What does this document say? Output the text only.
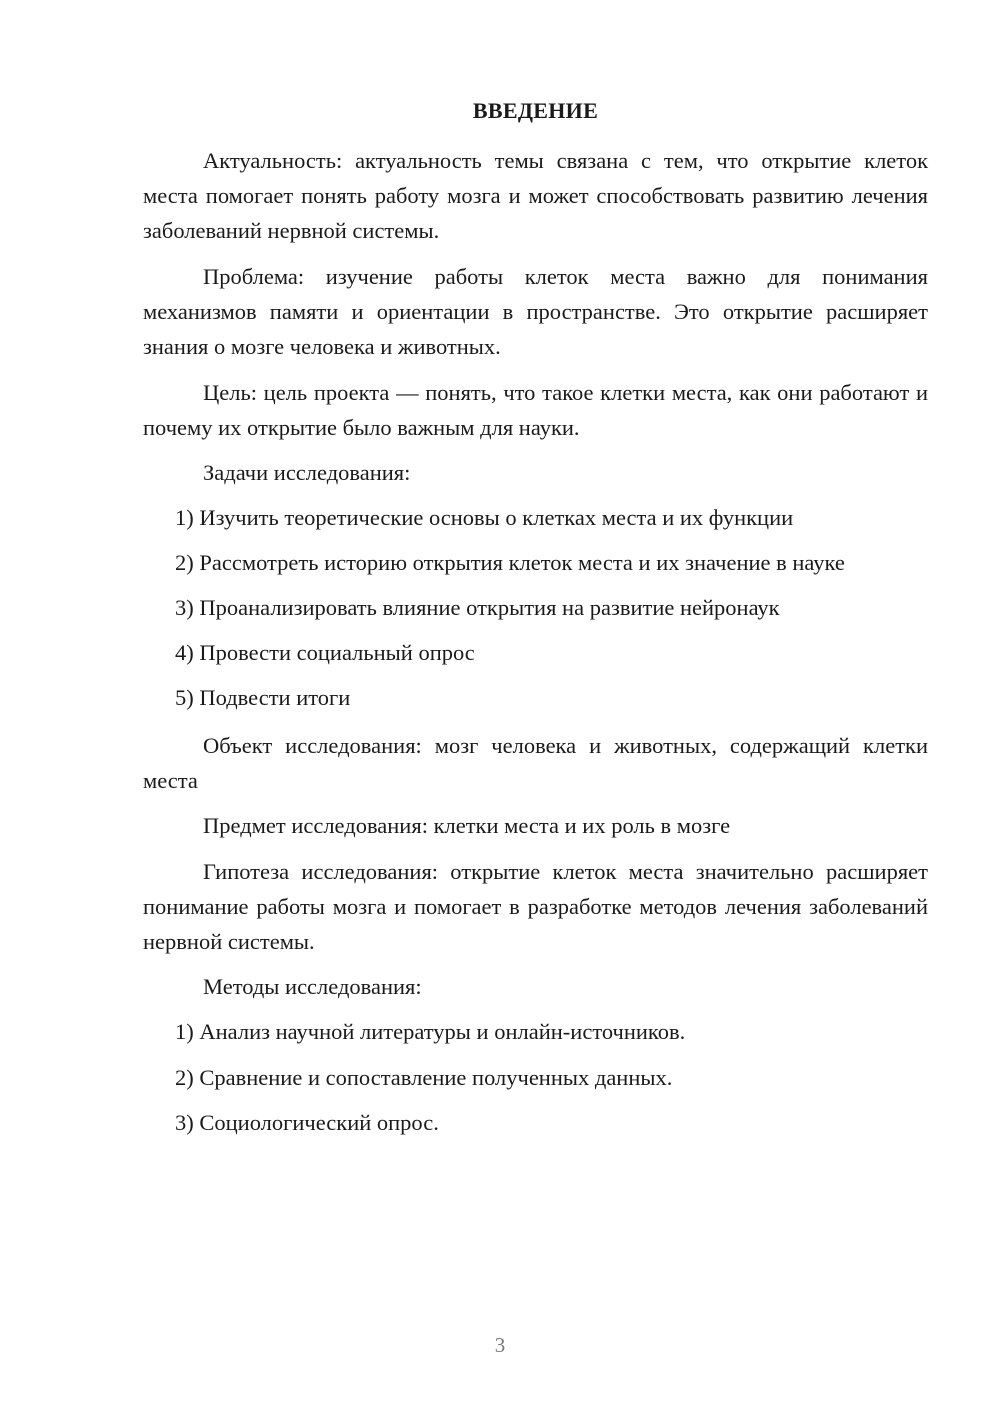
ВВЕДЕНИЕ

Актуальность: актуальность темы связана с тем, что открытие клеток места помогает понять работу мозга и может способствовать развитию лечения заболеваний нервной системы.

Проблема: изучение работы клеток места важно для понимания механизмов памяти и ориентации в пространстве. Это открытие расширяет знания о мозге человека и животных.

Цель: цель проекта — понять, что такое клетки места, как они работают и почему их открытие было важным для науки.

Задачи исследования:

1) Изучить теоретические основы о клетках места и их функции

2) Рассмотреть историю открытия клеток места и их значение в науке

3) Проанализировать влияние открытия на развитие нейронаук

4) Провести социальный опрос

5) Подвести итоги

Объект исследования: мозг человека и животных, содержащий клетки места

Предмет исследования: клетки места и их роль в мозге

Гипотеза исследования: открытие клеток места значительно расширяет понимание работы мозга и помогает в разработке методов лечения заболеваний нервной системы.

Методы исследования:

1) Анализ научной литературы и онлайн-источников.

2) Сравнение и сопоставление полученных данных.

3) Социологический опрос.

3
